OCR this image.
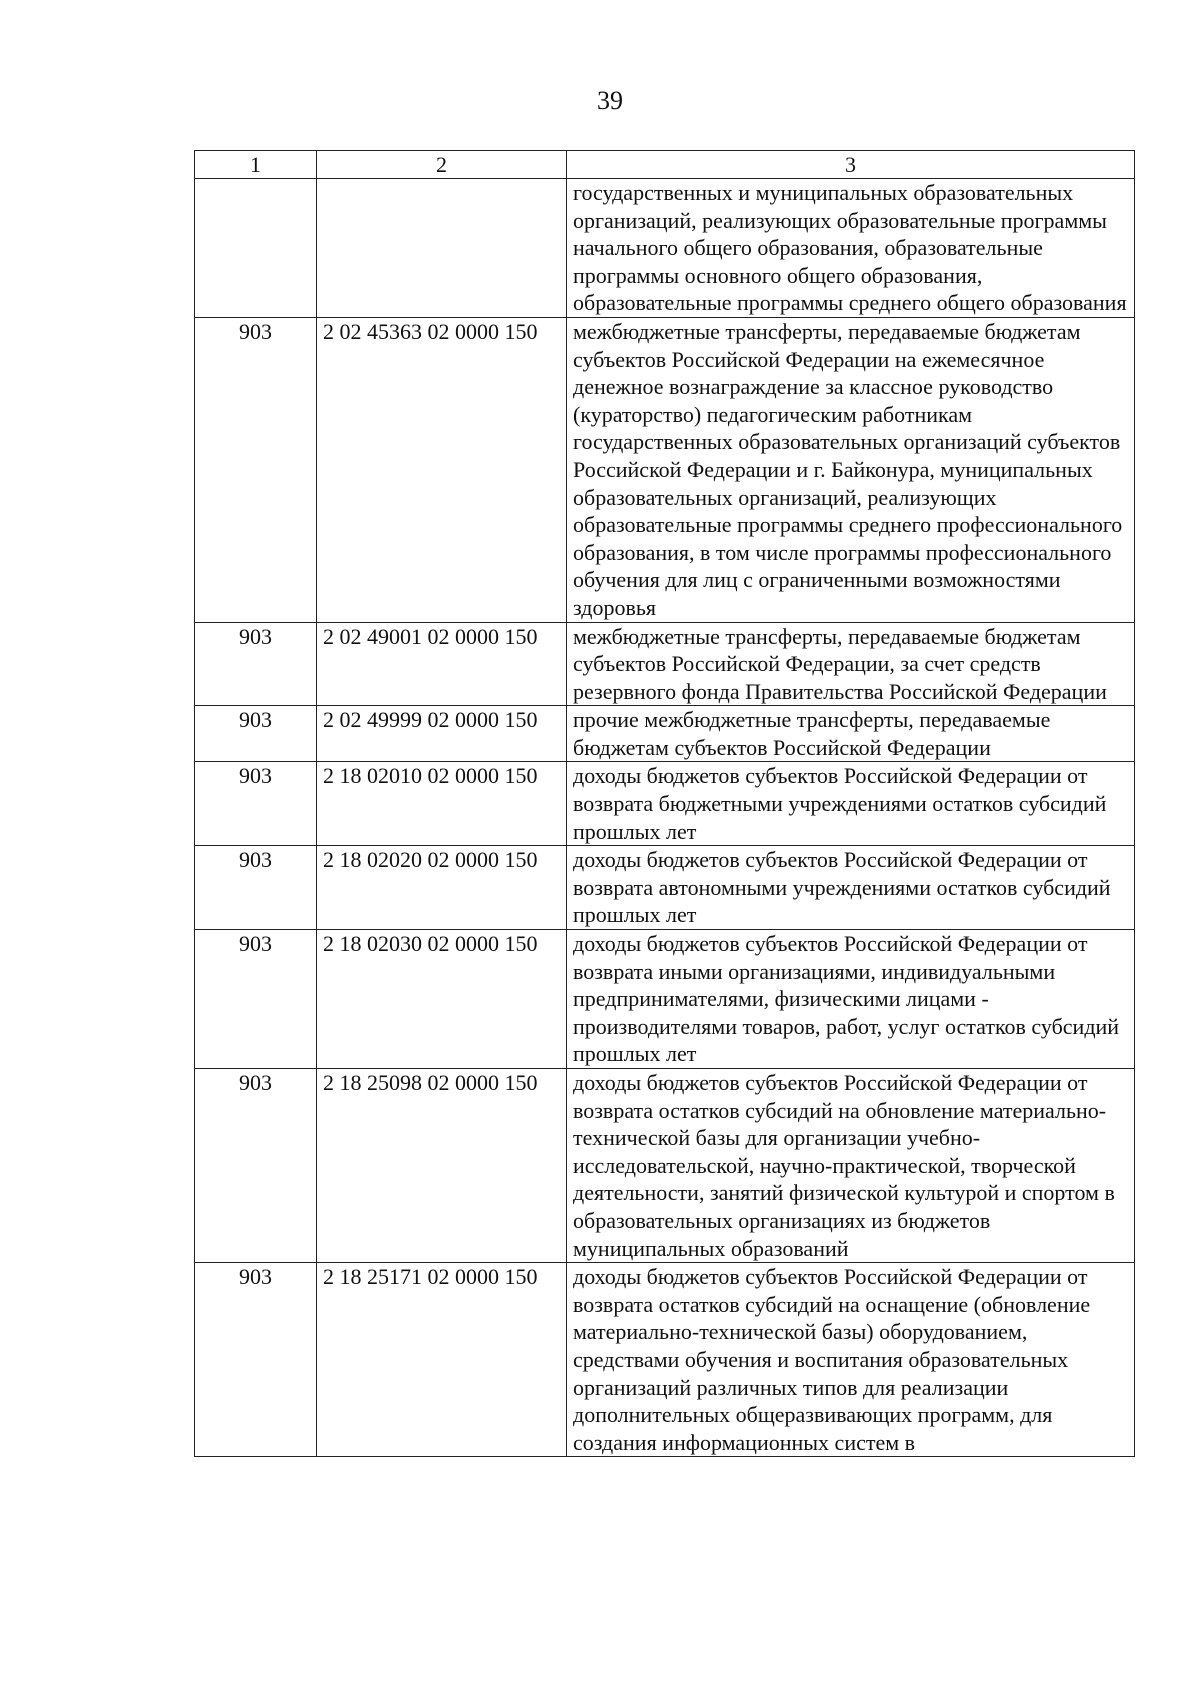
39
1	2	3
		государственных и муниципальных образовательных организаций, реализующих образовательные программы начального общего образования, образовательные программы основного общего образования, образовательные программы среднего общего образования
903	2 02 45363 02 0000 150	межбюджетные трансферты, передаваемые бюджетам субъектов Российской Федерации на ежемесячное денежное вознаграждение за классное руководство (кураторство) педагогическим работникам государственных образовательных организаций субъектов Российской Федерации и г. Байконура, муниципальных образовательных организаций, реализующих образовательные программы среднего профессионального образования, в том числе программы профессионального обучения для лиц с ограниченными возможностями здоровья
903	2 02 49001 02 0000 150	межбюджетные трансферты, передаваемые бюджетам субъектов Российской Федерации, за счет средств резервного фонда Правительства Российской Федерации
903	2 02 49999 02 0000 150	прочие межбюджетные трансферты, передаваемые бюджетам субъектов Российской Федерации
903	2 18 02010 02 0000 150	доходы бюджетов субъектов Российской Федерации от возврата бюджетными учреждениями остатков субсидий прошлых лет
903	2 18 02020 02 0000 150	доходы бюджетов субъектов Российской Федерации от возврата автономными учреждениями остатков субсидий прошлых лет
903	2 18 02030 02 0000 150	доходы бюджетов субъектов Российской Федерации от возврата иными организациями, индивидуальными предпринимателями, физическими лицами - производителями товаров, работ, услуг остатков субсидий прошлых лет
903	2 18 25098 02 0000 150	доходы бюджетов субъектов Российской Федерации от возврата остатков субсидий на обновление материально-технической базы для организации учебно-исследовательской, научно-практической, творческой деятельности, занятий физической культурой и спортом в образовательных организациях из бюджетов муниципальных образований
903	2 18 25171 02 0000 150	доходы бюджетов субъектов Российской Федерации от возврата остатков субсидий на оснащение (обновление материально-технической базы) оборудованием, средствами обучения и воспитания образовательных организаций различных типов для реализации дополнительных общеразвивающих программ, для создания информационных систем в
